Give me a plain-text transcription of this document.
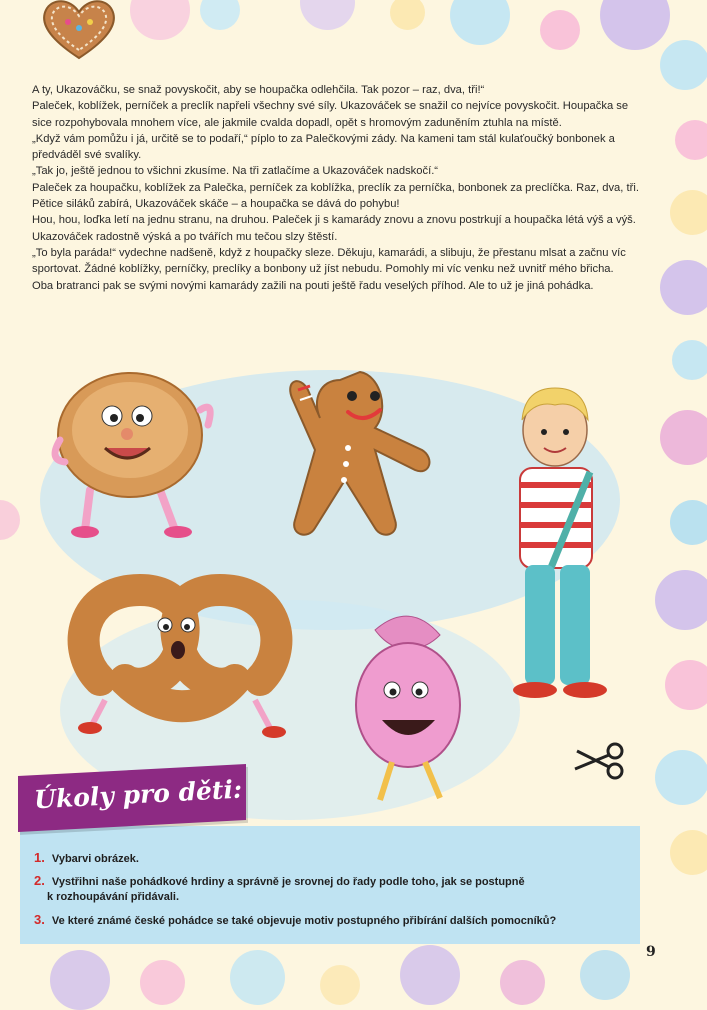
A ty, Ukazováčku, se snaž povyskočit, aby se houpačka odlehčila. Tak pozor – raz, dva, tři!“

Paleček, koblížek, perníček a preclík napřeli všechny své síly. Ukazováček se snažil co nejvíce povyskočit. Houpačka se sice rozpohybovala mnohem více, ale jakmile cvalda dopadl, opět s hromovým zaduněním ztuhla na místě.

„Když vám pomůžu i já, určitě se to podaří,“ píplo to za Palečkovými zády. Na kameni tam stál kulaťoučký bonbonek a předváděl své svalíky.

„Tak jo, ještě jednou to všichni zkusíme. Na tři zatlačíme a Ukazováček nadskočí.“

Paleček za houpačku, koblížek za Palečka, perníček za koblížka, preclík za perníčka, bonbonek za preclíčka. Raz, dva, tři. Pětice siláků zabírá, Ukazováček skáče – a houpačka se dává do pohybu!

Hou, hou, loďka letí na jednu stranu, na druhou. Paleček ji s kamarády znovu a znovu postrkují a houpačka létá výš a výš.

Ukazováček radostně výská a po tvářích mu tečou slzy štěstí.

„To byla paráda!“ vydechne nadšeně, když z houpačky sleze. Děkuju, kamarádi, a slibuju, že přestanu mlsat a začnu víc sportovat. Žádné koblížky, perníčky, preclíky a bonbony už jíst nebudu. Pomohly mi víc venku než uvnitř mého břicha.

Oba bratranci pak se svými novými kamarády zažili na pouti ještě řadu veselých příhod. Ale to už je jiná pohádka.

Úkoly pro děti:
1. Vybarvi obrázek.
2. Vystřihni naše pohádkové hrdiny a správně je srovnej do řady podle toho, jak se postupně
k rozhoupávání přidávali.
3. Ve které známé české pohádce se také objevuje motiv postupného přibírání dalších pomocníků?
9
